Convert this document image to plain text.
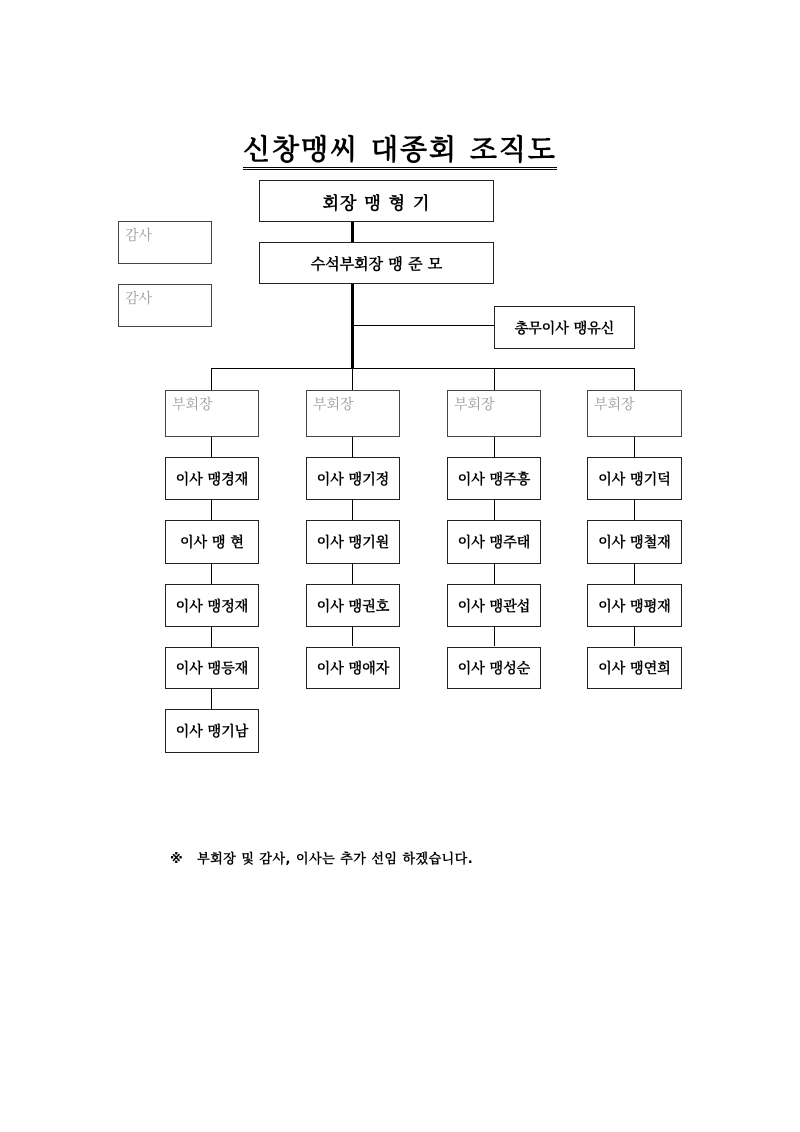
신창맹씨 대종회 조직도
회장 맹 형 기
수석부회장 맹 준 모
총무이사 맹유신
감사
감사
부회장
이사 맹경재
이사 맹 현
이사 맹정재
이사 맹등재
이사 맹기남
부회장
이사 맹기정
이사 맹기원
이사 맹권호
이사 맹애자
부회장
이사 맹주흥
이사 맹주태
이사 맹관섭
이사 맹성순
부회장
이사 맹기덕
이사 맹철재
이사 맹평재
이사 맹연희
※ 부회장 및 감사, 이사는 추가 선임 하겠습니다.
